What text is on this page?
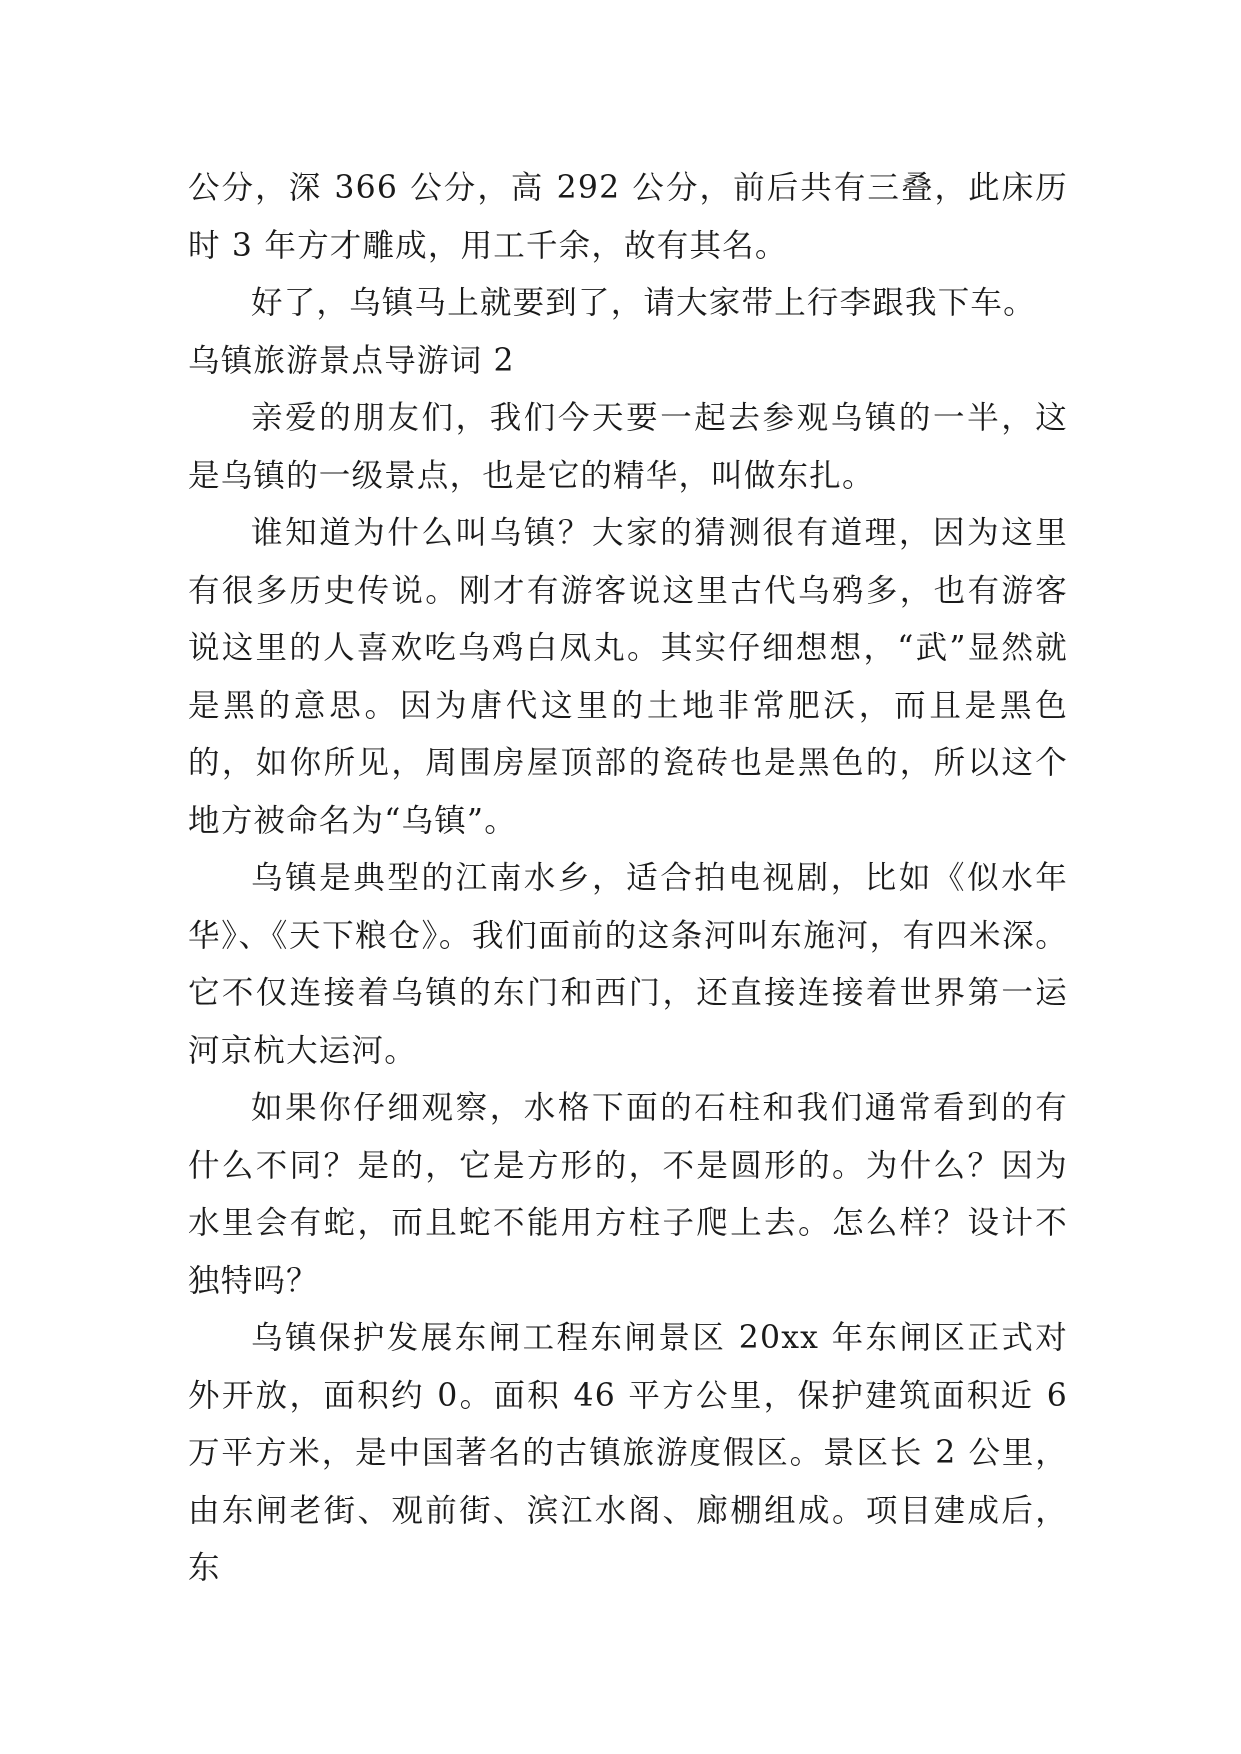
公分，深 366 公分，高 292 公分，前后共有三叠，此床历时 3 年方才雕成，用工千余，故有其名。

好了，乌镇马上就要到了，请大家带上行李跟我下车。

乌镇旅游景点导游词 2

亲爱的朋友们，我们今天要一起去参观乌镇的一半，这是乌镇的一级景点，也是它的精华，叫做东扎。

谁知道为什么叫乌镇？大家的猜测很有道理，因为这里有很多历史传说。刚才有游客说这里古代乌鸦多，也有游客说这里的人喜欢吃乌鸡白凤丸。其实仔细想想，“武”显然就是黑的意思。因为唐代这里的土地非常肥沃，而且是黑色的，如你所见，周围房屋顶部的瓷砖也是黑色的，所以这个地方被命名为“乌镇”。

乌镇是典型的江南水乡，适合拍电视剧，比如《似水年华》、《天下粮仓》。我们面前的这条河叫东施河，有四米深。它不仅连接着乌镇的东门和西门，还直接连接着世界第一运河京杭大运河。

如果你仔细观察，水格下面的石柱和我们通常看到的有什么不同？是的，它是方形的，不是圆形的。为什么？因为水里会有蛇，而且蛇不能用方柱子爬上去。怎么样？设计不独特吗？

乌镇保护发展东闸工程东闸景区 20xx 年东闸区正式对外开放，面积约 0。面积 46 平方公里，保护建筑面积近 6 万平方米，是中国著名的古镇旅游度假区。景区长 2 公里，由东闸老街、观前街、滨江水阁、廊棚组成。项目建成后，东
